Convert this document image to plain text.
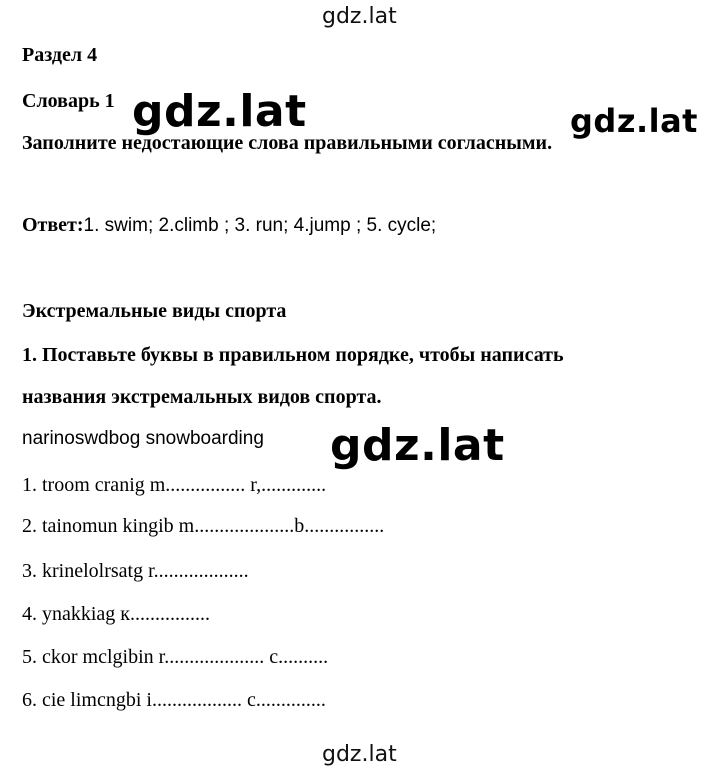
gdz.lat
Раздел 4
Словарь 1
Заполните недостающие слова правильными согласными.
gdz.lat	gdz.lat
Ответ:1. swim; 2.climb ; 3. run; 4.jump ; 5. cycle;
Экстремальные виды спорта
1. Поставьте буквы в правильном порядке, чтобы написать
названия экстремальных видов спорта.
narinoswdbog snowboarding gdz.lat
1. troom cranig m................ r,.............
2. tainomun kingib m....................b................
3. krinelolrsatg r...................
4. ynakkiag к................
5. ckor mclgibin r.................... c..........
6. cie limcngbi i.................. c..............
gdz.lat
